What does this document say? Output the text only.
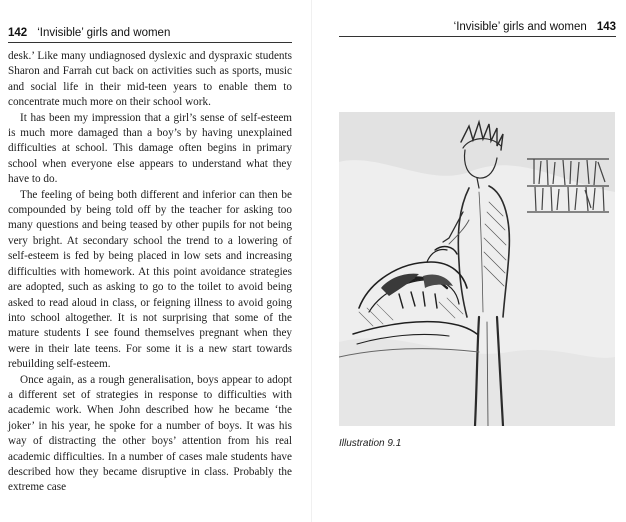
142 ‘Invisible’ girls and women

desk.’ Like many undiagnosed dyslexic and dyspraxic students Sharon and Farrah cut back on activities such as sports, music and social life in their mid-teen years to enable them to concentrate much more on their school work.

It has been my impression that a girl’s sense of self-esteem is much more damaged than a boy’s by having unexplained difficulties at school. This damage often begins in primary school when everyone else appears to understand what they have to do.

The feeling of being both different and inferior can then be compounded by being told off by the teacher for asking too many questions and being teased by other pupils for not being very bright. At secondary school the trend to a lowering of self-esteem is fed by being placed in low sets and increasing difficulties with homework. At this point avoidance strategies are adopted, such as asking to go to the toilet to avoid being asked to read aloud in class, or feigning illness to avoid going into school altogether. It is not surprising that some of the mature students I see found themselves pregnant when they were in their late teens. For some it is a new start towards rebuilding self-esteem.

Once again, as a rough generalisation, boys appear to adopt a different set of strategies in response to difficulties with academic work. When John described how he became ‘the joker’ in his year, he spoke for a number of boys. It was his way of distracting the other boys’ attention from his real academic difficulties. In a number of cases male students have described how they became disruptive in class. Probably the extreme case

‘Invisible’ girls and women 143
Illustration 9.1
